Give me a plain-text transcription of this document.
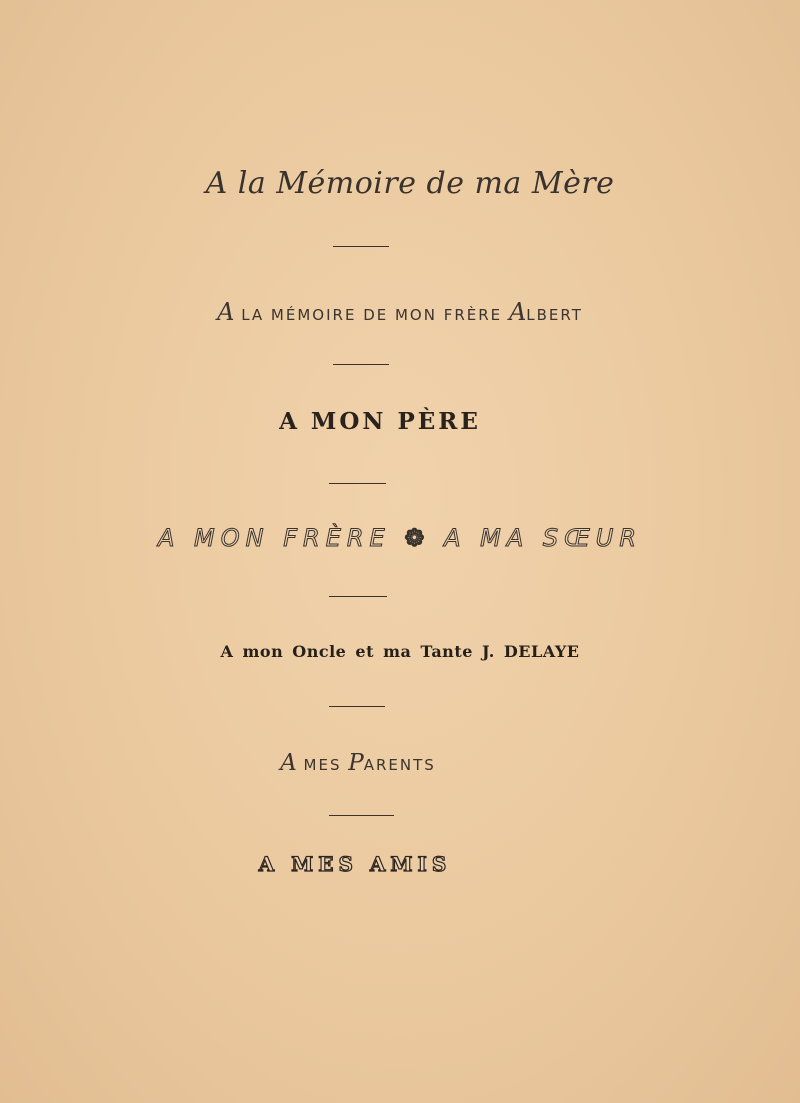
A la Mémoire de ma Mère
A LA MÉMOIRE DE MON FRÈRE ALBERT
A MON PÈRE
A MON FRÈRE ❁ A MA SŒUR
A mon Oncle et ma Tante J. DELAYE
A MES PARENTS
A MES AMIS
